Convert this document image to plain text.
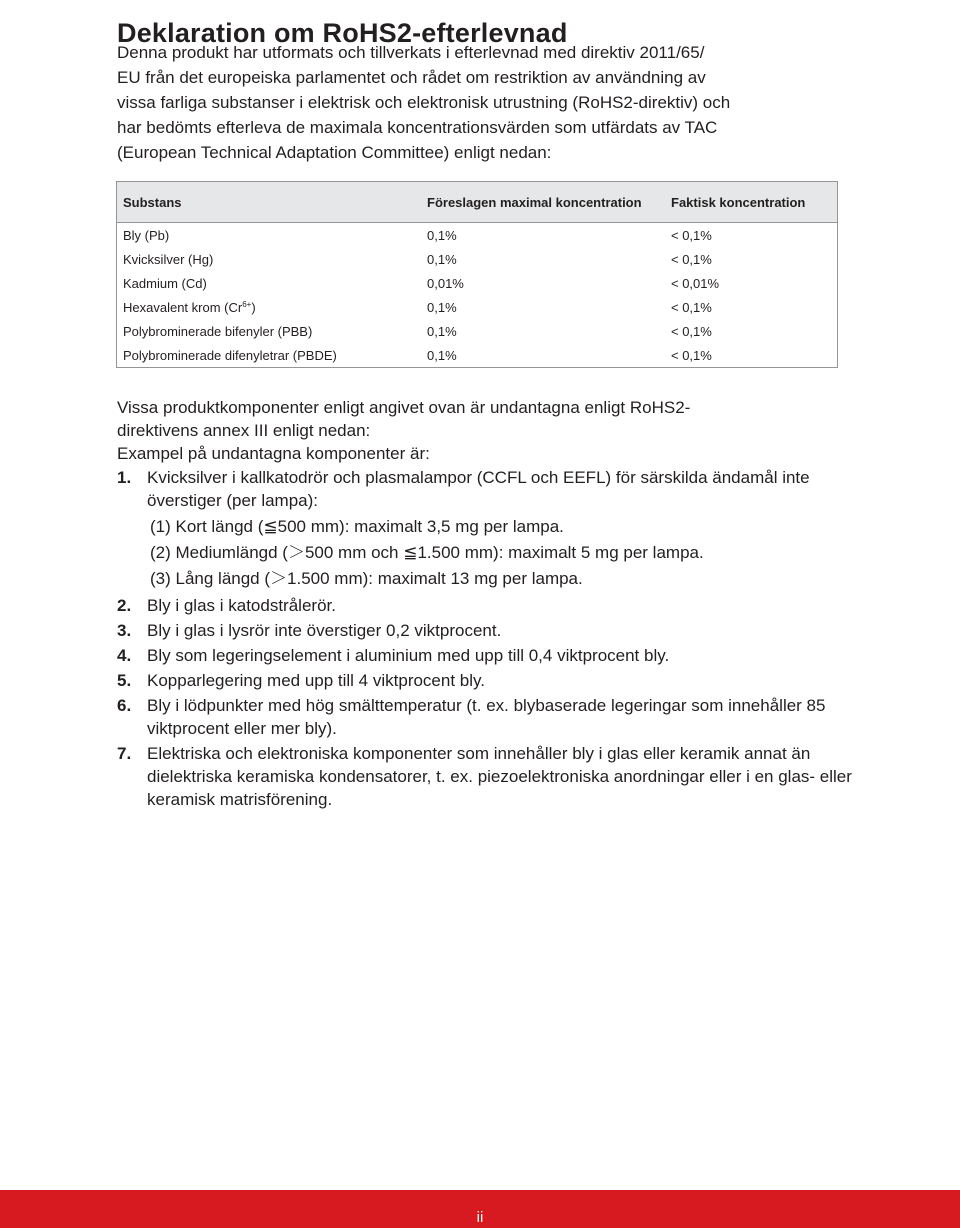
Deklaration om RoHS2-efterlevnad
Denna produkt har utformats och tillverkats i efterlevnad med direktiv 2011/65/
EU från det europeiska parlamentet och rådet om restriktion av användning av
vissa farliga substanser i elektrisk och elektronisk utrustning (RoHS2-direktiv) och
har bedömts efterleva de maximala koncentrationsvärden som utfärdats av TAC
(European Technical Adaptation Committee) enligt nedan:
Substans	Föreslagen maximal koncentration	Faktisk koncentration
Bly (Pb)	0,1%	< 0,1%
Kvicksilver (Hg)	0,1%	< 0,1%
Kadmium (Cd)	0,01%	< 0,01%
Hexavalent krom $(Cr^{6+})$	0,1%	< 0,1%
Polybrominerade bifenyler (PBB)	0,1%	< 0,1%
Polybrominerade difenyletrar (PBDE)	0,1%	< 0,1%

Vissa produktkomponenter enligt angivet ovan är undantagna enligt RoHS2-

direktivens annex III enligt nedan:

Exampel på undantagna komponenter är:

1. Kvicksilver i kallkatodrör och plasmalampor (CCFL och EEFL) för särskilda ändamål inte överstiger (per lampa):
(1) Kort längd (≦500 mm): maximalt 3,5 mg per lampa.
(2) Mediumlängd (＞500 mm och ≦1.500 mm): maximalt 5 mg per lampa.
(3) Lång längd (＞1.500 mm): maximalt 13 mg per lampa.
2. Bly i glas i katodstrålerör.
3. Bly i glas i lysrör inte överstiger 0,2 viktprocent.
4. Bly som legeringselement i aluminium med upp till 0,4 viktprocent bly.
5. Kopparlegering med upp till 4 viktprocent bly.
6. Bly i lödpunkter med hög smälttemperatur (t. ex. blybaserade legeringar som innehåller 85 viktprocent eller mer bly).
7. Elektriska och elektroniska komponenter som innehåller bly i glas eller keramik annat än dielektriska keramiska kondensatorer, t. ex. piezoelektroniska anordningar eller i en glas- eller keramisk matrisförening.
ii
